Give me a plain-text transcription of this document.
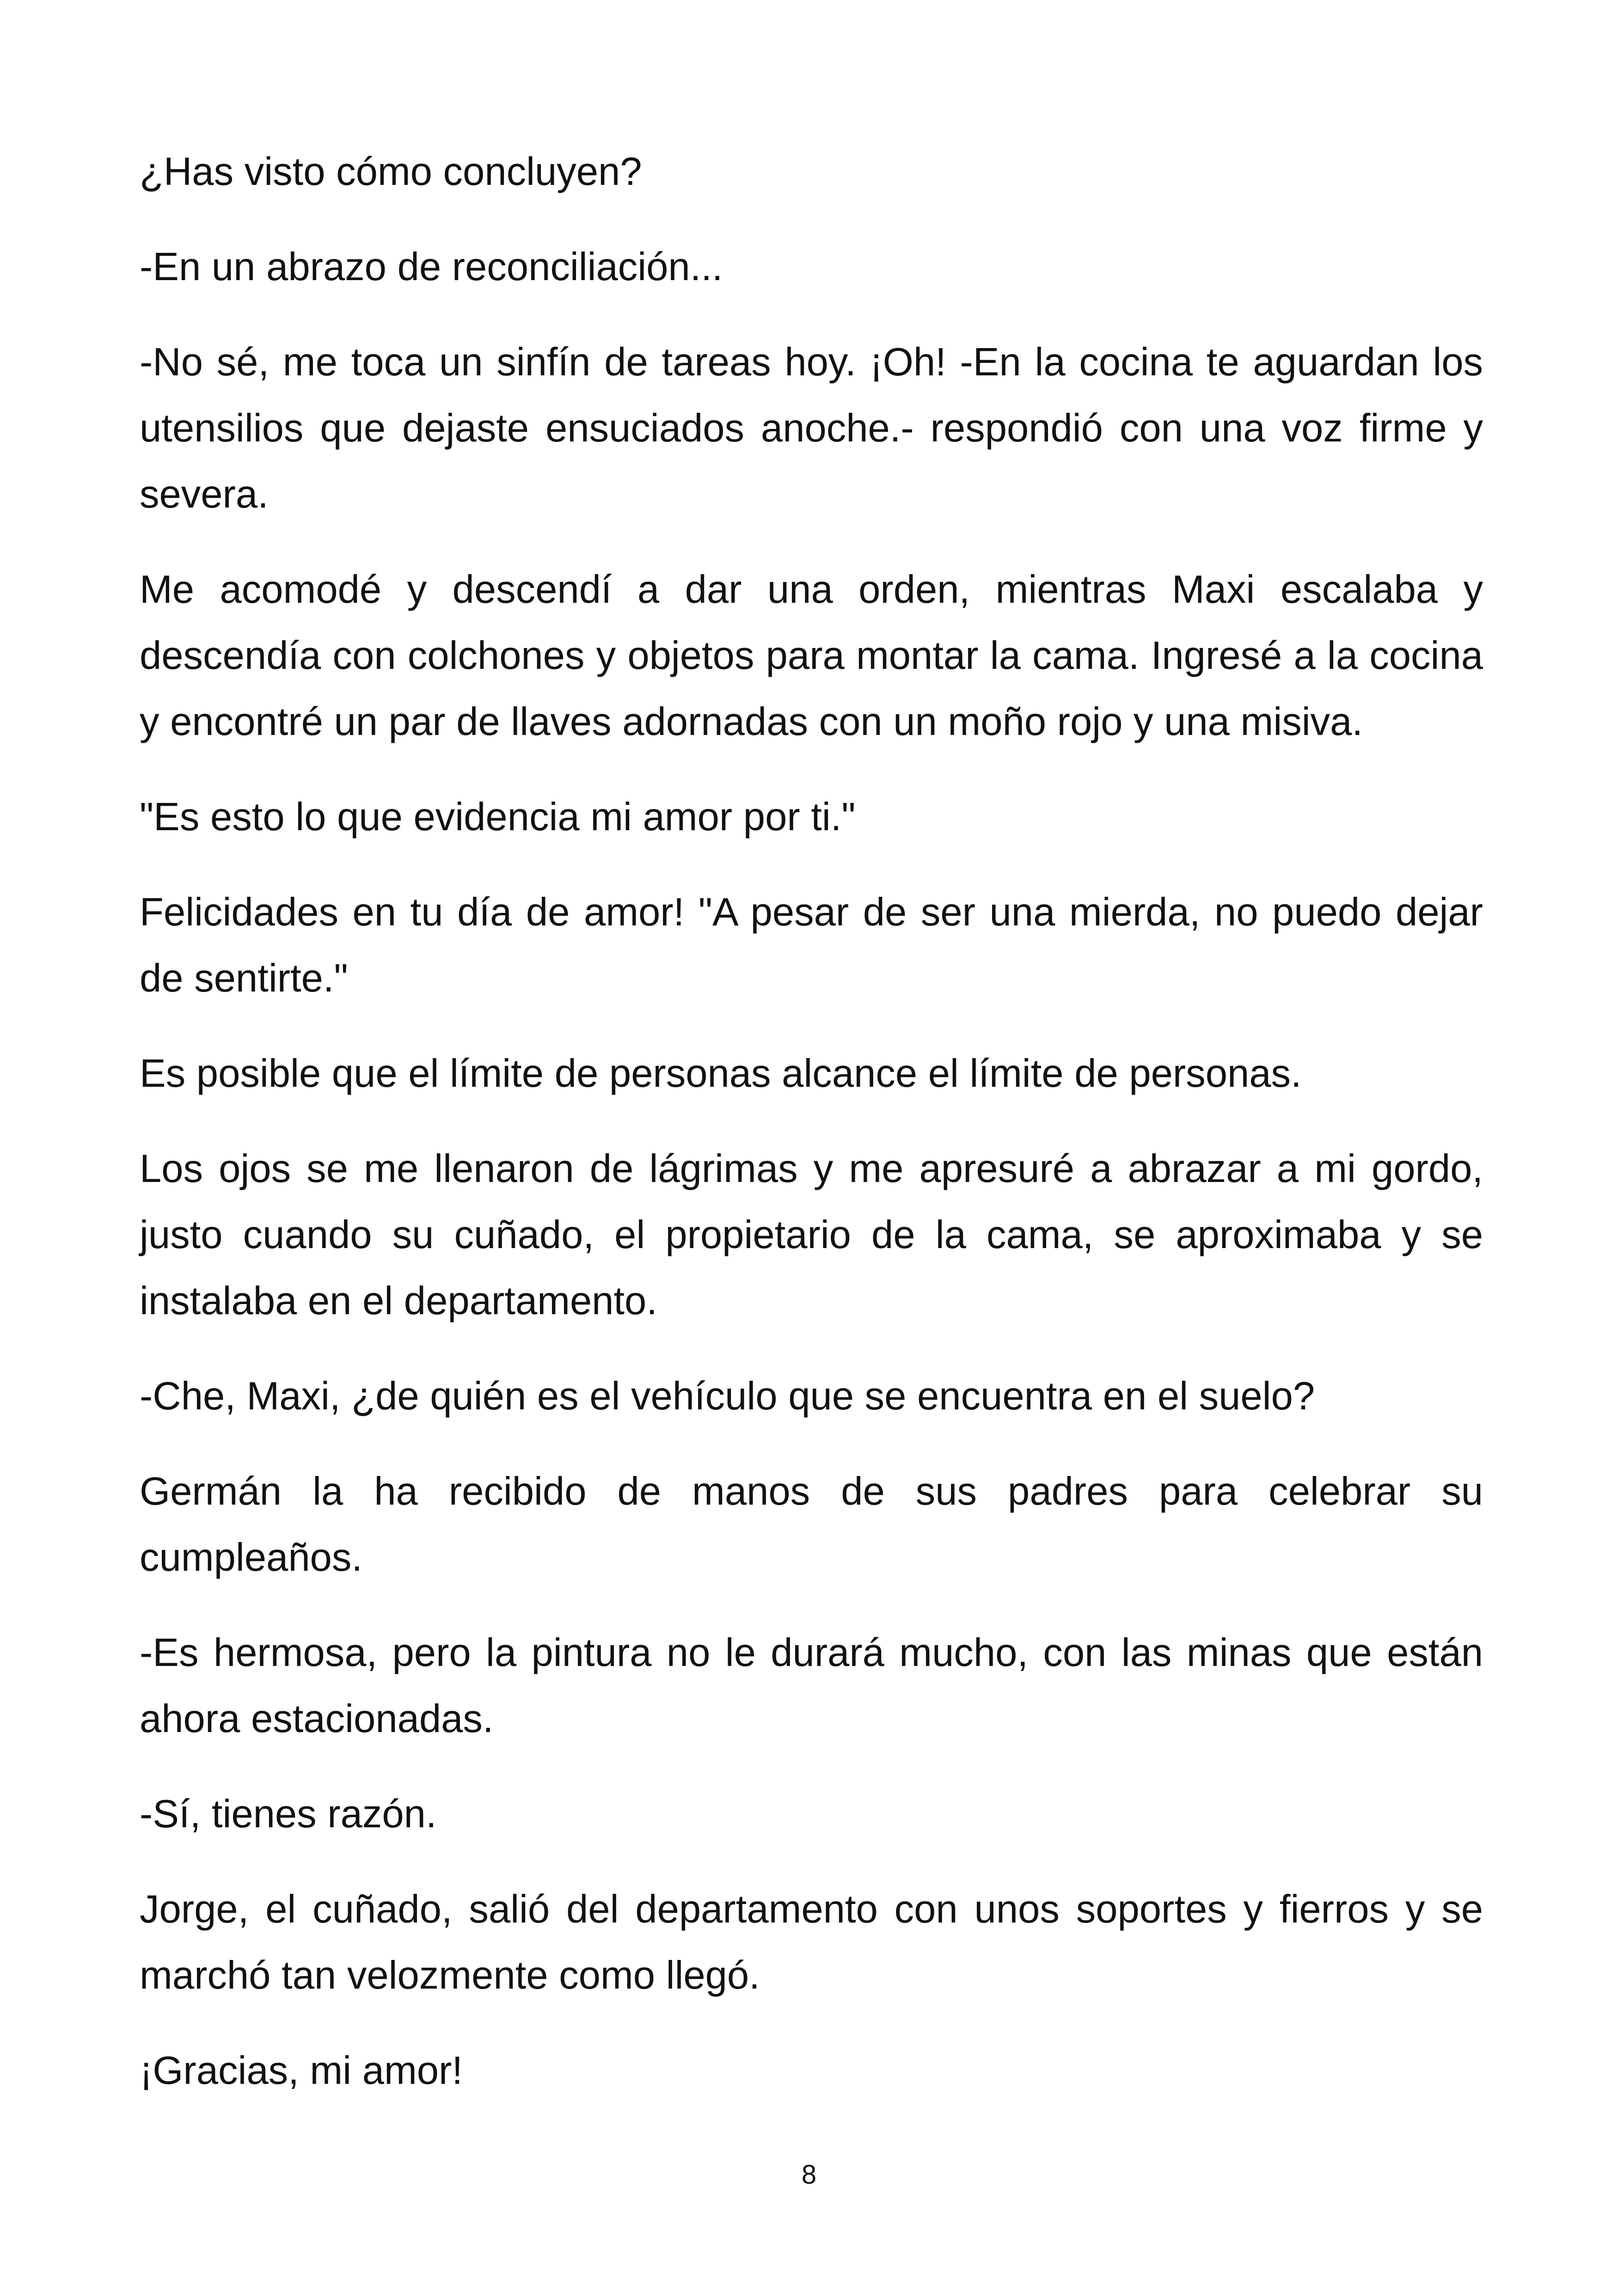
¿Has visto cómo concluyen?

-En un abrazo de reconciliación...

-No sé, me toca un sinfín de tareas hoy. ¡Oh! -En la cocina te aguardan los utensilios que dejaste ensuciados anoche.- respondió con una voz firme y severa.

Me acomodé y descendí a dar una orden, mientras Maxi escalaba y descendía con colchones y objetos para montar la cama. Ingresé a la cocina y encontré un par de llaves adornadas con un moño rojo y una misiva.

"Es esto lo que evidencia mi amor por ti."

Felicidades en tu día de amor! "A pesar de ser una mierda, no puedo dejar de sentirte."

Es posible que el límite de personas alcance el límite de personas.

Los ojos se me llenaron de lágrimas y me apresuré a abrazar a mi gordo, justo cuando su cuñado, el propietario de la cama, se aproximaba y se instalaba en el departamento.

-Che, Maxi, ¿de quién es el vehículo que se encuentra en el suelo?

Germán la ha recibido de manos de sus padres para celebrar su cumpleaños.

-Es hermosa, pero la pintura no le durará mucho, con las minas que están ahora estacionadas.

-Sí, tienes razón.

Jorge, el cuñado, salió del departamento con unos soportes y fierros y se marchó tan velozmente como llegó.

¡Gracias, mi amor!

8
